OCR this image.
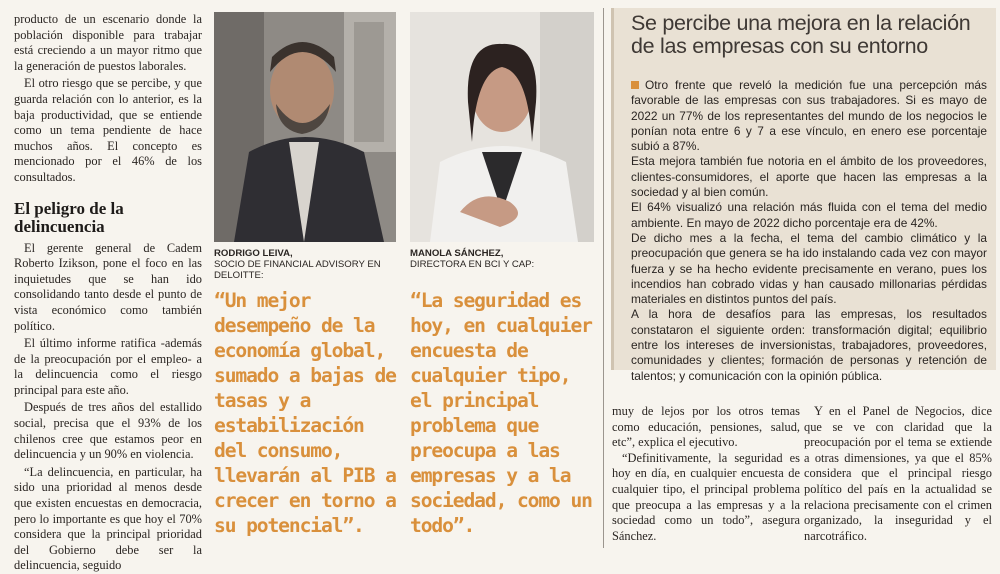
producto de un escenario donde la población disponible para trabajar está creciendo a un mayor ritmo que la generación de puestos laborales.

El otro riesgo que se percibe, y que guarda relación con lo anterior, es la baja productividad, que se entiende como un tema pendiente de hace muchos años. El concepto es mencionado por el 46% de los consultados.

El peligro de la delincuencia

El gerente general de Cadem Roberto Izikson, pone el foco en las inquietudes que se han ido consolidando tanto desde el punto de vista económico como también político.

El último informe ratifica -además de la preocupación por el empleo- a la delincuencia como el riesgo principal para este año.

Después de tres años del estallido social, precisa que el 93% de los chilenos cree que estamos peor en delincuencia y un 90% en violencia.

“La delincuencia, en particular, ha sido una prioridad al menos desde que existen encuestas en democracia, pero lo importante es que hoy el 70% considera que la principal prioridad del Gobierno debe ser la delincuencia, seguido

RODRIGO LEIVA,
SOCIO DE FINANCIAL ADVISORY EN DELOITTE:
MANOLA SÁNCHEZ,
DIRECTORA EN BCI Y CAP:
“Un mejor desempeño de la economía global, sumado a bajas de tasas y a estabilización del consumo, llevarán al PIB a crecer en torno a su potencial”.
“La seguridad es hoy, en cualquier encuesta de cualquier tipo, el principal problema que preocupa a las empresas y a la sociedad, como un todo”.
Se percibe una mejora en la relación de las empresas con su entorno

Otro frente que reveló la medición fue una percepción más favorable de las empresas con sus trabajadores. Si es mayo de 2022 un 77% de los representantes del mundo de los negocios le ponían nota entre 6 y 7 a ese vínculo, en enero ese porcentaje subió a 87%.

Esta mejora también fue notoria en el ámbito de los proveedores, clientes-consumidores, el aporte que hacen las empresas a la sociedad y al bien común.

El 64% visualizó una relación más fluida con el tema del medio ambiente. En mayo de 2022 dicho porcentaje era de 42%.

De dicho mes a la fecha, el tema del cambio climático y la preocupación que genera se ha ido instalando cada vez con mayor fuerza y se ha hecho evidente precisamente en verano, pues los incendios han cobrado vidas y han causado millonarias pérdidas materiales en distintos puntos del país.

A la hora de desafíos para las empresas, los resultados constataron el siguiente orden: transformación digital; equilibrio entre los intereses de inversionistas, trabajadores, proveedores, comunidades y clientes; formación de personas y retención de talentos; y comunicación con la opinión pública.

muy de lejos por los otros temas como educación, pensiones, salud, etc”, explica el ejecutivo.

“Definitivamente, la seguridad es hoy en día, en cualquier encuesta de cualquier tipo, el principal problema que preocupa a las empresas y a la sociedad como un todo”, asegura Sánchez.

Y en el Panel de Negocios, dice que se ve con claridad que la preocupación por el tema se extiende a otras dimensiones, ya que el 85% considera que el principal riesgo político del país en la actualidad se relaciona precisamente con el crimen organizado, la inseguridad y el narcotráfico.
